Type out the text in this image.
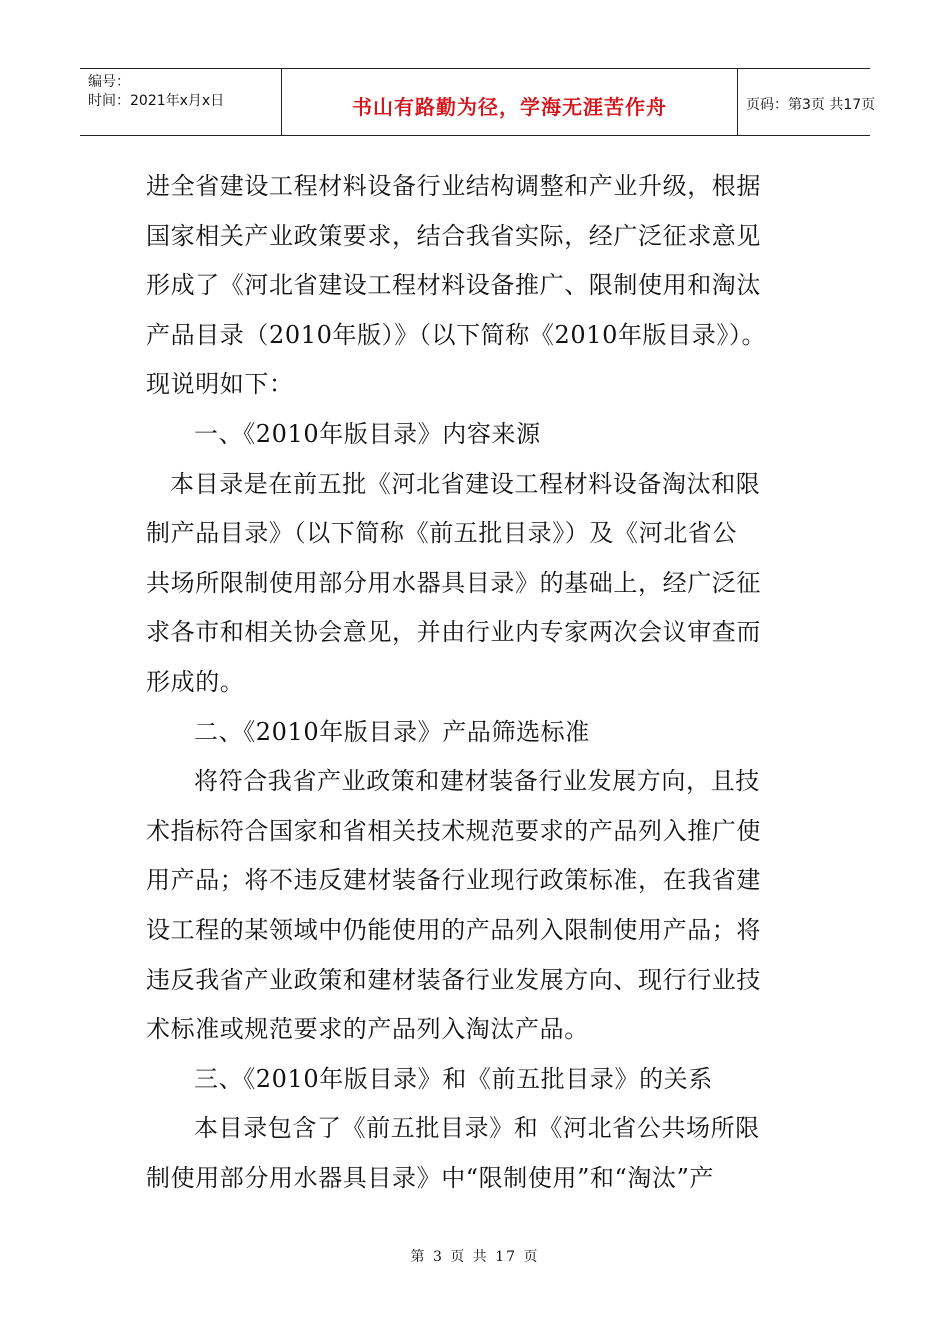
编号：
时间：2021年x月x日	书山有路勤为径，学海无涯苦作舟	页码：第3页 共17页
进全省建设工程材料设备行业结构调整和产业升级，根据
国家相关产业政策要求，结合我省实际，经广泛征求意见
形成了《河北省建设工程材料设备推广、限制使用和淘汰
产品目录（2010年版）》（以下简称《2010年版目录》）。
现说明如下：
一、《2010年版目录》内容来源
本目录是在前五批《河北省建设工程材料设备淘汰和限
制产品目录》（以下简称《前五批目录》）及《河北省公
共场所限制使用部分用水器具目录》的基础上，经广泛征
求各市和相关协会意见，并由行业内专家两次会议审查而
形成的。
二、《2010年版目录》产品筛选标准
将符合我省产业政策和建材装备行业发展方向，且技
术指标符合国家和省相关技术规范要求的产品列入推广使
用产品；将不违反建材装备行业现行政策标准，在我省建
设工程的某领域中仍能使用的产品列入限制使用产品；将
违反我省产业政策和建材装备行业发展方向、现行行业技
术标准或规范要求的产品列入淘汰产品。
三、《2010年版目录》和《前五批目录》的关系
本目录包含了《前五批目录》和《河北省公共场所限
制使用部分用水器具目录》中“限制使用”和“淘汰”产
第 3 页 共 17 页
